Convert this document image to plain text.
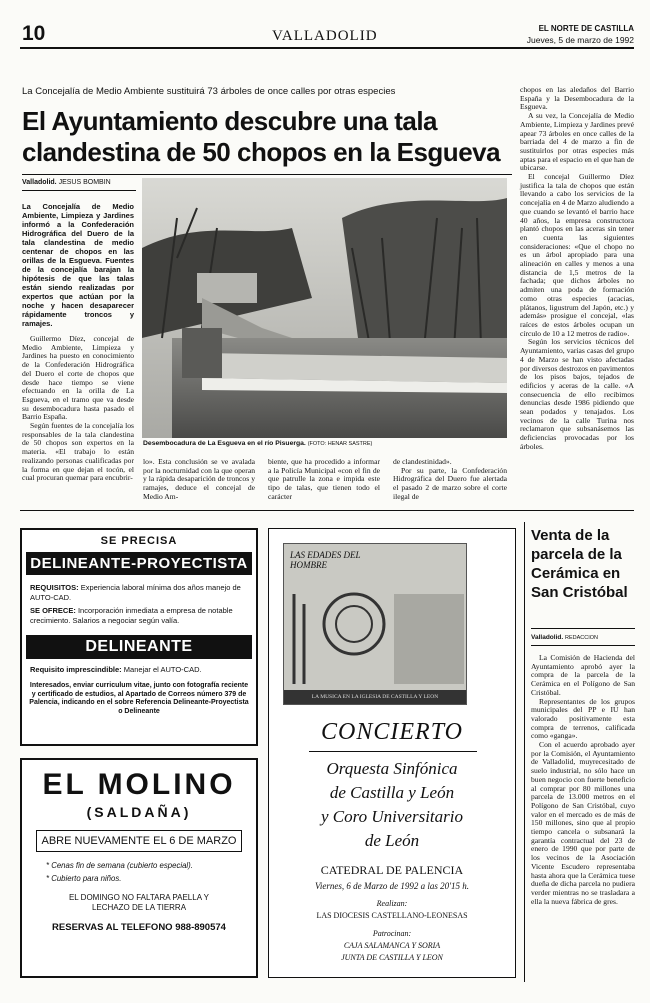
10	VALLADOLID	EL NORTE DE CASTILLA
Jueves, 5 de marzo de 1992
La Concejalía de Medio Ambiente sustituirá 73 árboles de once calles por otras especies
El Ayuntamiento descubre una tala clandestina de 50 chopos en la Esgueva
Valladolid. JESUS BOMBIN
La Concejalía de Medio Ambiente, Limpieza y Jardines informó a la Confederación Hidrográfica del Duero de la tala clandestina de medio centenar de chopos en las orillas de la Esgueva. Fuentes de la concejalía barajan la hipótesis de que las talas están siendo realizadas por expertos que actúan por la noche y hacen desaparecer rápidamente troncos y ramajes.

Guillermo Díez, concejal de Medio Ambiente, Limpieza y Jardines ha puesto en conocimiento de la Confederación Hidrográfica del Duero el corte de chopos que desde hace tiempo se viene efectuando en la orilla de La Esgueva, en el tramo que va desde su desembocadura hasta pasado el Barrio España.

Según fuentes de la concejalía los responsables de la tala clandestina de 50 chopos son expertos en la materia. «El trabajo lo están realizando personas cualificadas por la forma en que dejan el tocón, el cual procuran quemar para encubrir-

Desembocadura de La Esgueva en el río Pisuerga. (FOTO: HENAR SASTRE)
lo». Esta conclusión se ve avalada por la nocturnidad con la que operan y la rápida desaparición de troncos y ramajes, deduce el concejal de Medio Am-
biente, que ha procedido a informar a la Policía Municipal «con el fin de que patrulle la zona e impida este tipo de talas, que tienen todo el carácter

de clandestinidad».

Por su parte, la Confederación Hidrográfica del Duero fue alertada el pasado 2 de marzo sobre el corte ilegal de

chopos en las aledaños del Barrio España y la Desembocadura de la Esgueva.

A su vez, la Concejalía de Medio Ambiente, Limpieza y Jardines prevé apear 73 árboles en once calles de la barriada del 4 de marzo a fin de sustituirlos por otras especies más aptas para el espacio en el que han de ubicarse.

El concejal Guillermo Díez justifica la tala de chopos que están llevando a cabo los servicios de la concejalía en 4 de Marzo aludiendo a que cuando se levantó el barrio hace 40 años, la empresa constructora plantó chopos en las aceras sin tener en cuenta las siguientes consideraciones: «Que el chopo no es un árbol apropiado para una alineación en calles y menos a una distancia de 1,5 metros de la fachada; que dichos árboles no admiten una poda de formación como otras especies (acacias, plátanos, ligustrum del Japón, etc.) y además» prosigue el concejal, «las raíces de estos árboles ocupan un círculo de 10 a 12 metros de radio».

Según los servicios técnicos del Ayuntamiento, varias casas del grupo 4 de Marzo se han visto afectadas por diversos destrozos en pavimentos de los pisos bajos, tejados de edificios y aceras de la calle. «A consecuencia de ello recibimos denuncias desde 1986 pidiendo que sean podados y tenajados. Los vecinos de la calle Turina nos reclamaron que subsanásemos las deficiencias provocadas por los árboles.

SE PRECISA
DELINEANTE-PROYECTISTA
REQUISITOS: Experiencia laboral mínima dos años manejo de AUTO-CAD.
SE OFRECE: Incorporación inmediata a empresa de notable crecimiento. Salarios a negociar según valía.
DELINEANTE
Requisito imprescindible: Manejar el AUTO-CAD.
Interesados, enviar curriculum vitae, junto con fotografía reciente y certificado de estudios, al Apartado de Correos número 379 de Palencia, indicando en el sobre Referencia Delineante-Proyectista o Delineante
EL MOLINO
(SALDAÑA)
ABRE NUEVAMENTE EL 6 DE MARZO
* Cenas fin de semana (cubierto especial).
* Cubierto para niños.
EL DOMINGO NO FALTARA PAELLA Y LECHAZO DE LA TIERRA
RESERVAS AL TELEFONO 988-890574
LAS EDADES DEL HOMBRE
LA MUSICA EN LA IGLESIA DE CASTILLA Y LEON
CONCIERTO
Orquesta Sinfónica
de Castilla y León
y Coro Universitario
de León
CATEDRAL DE PALENCIA
Viernes, 6 de Marzo de 1992 a las 20'15 h.
Realizan:
LAS DIOCESIS CASTELLANO-LEONESAS
Patrocinan:
CAJA SALAMANCA Y SORIA
JUNTA DE CASTILLA Y LEON
Venta de la parcela de la Cerámica en San Cristóbal
Valladolid. REDACCION

La Comisión de Hacienda del Ayuntamiento aprobó ayer la compra de la parcela de la Cerámica en el Polígono de San Cristóbal.

Representantes de los grupos municipales del PP e IU han valorado positivamente esta compra de terrenos, calificada como «ganga».

Con el acuerdo aprobado ayer por la Comisión, el Ayuntamiento de Valladolid, muyrecesitado de suelo industrial, no sólo hace un buen negocio con fuerte beneficio al comprar por 80 millones una parcela de 13.000 metros en el Polígono de San Cristóbal, cuyo valor en el mercado es de más de 150 millones, sino que al propio tiempo cancela o subsanará la garantía contractual del 23 de enero de 1990 que por parte de los vecinos de la Asociación Vicente Escudero representaba hasta ahora que la Cerámica tuese dueña de dicha parcela no pudiera verder mientras no se trasladara a ella la nueva fábrica de gres.
